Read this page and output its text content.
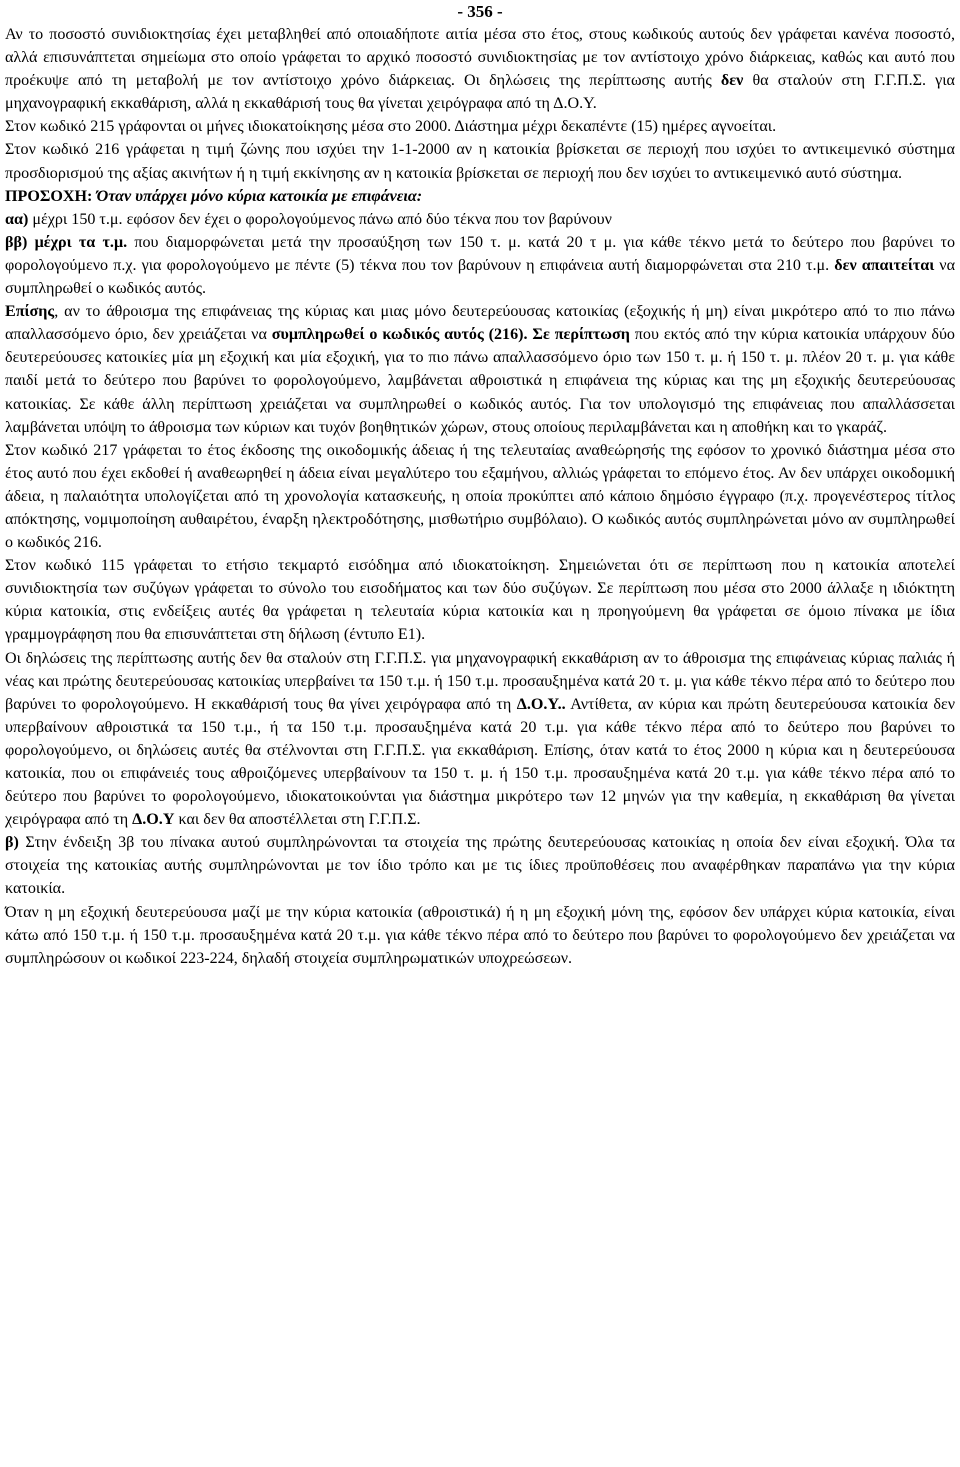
- 356 -

Αν το ποσοστό συνιδιοκτησίας έχει μεταβληθεί από οποιαδήποτε αιτία μέσα στο έτος, στους κωδικούς αυτούς δεν γράφεται κανένα ποσοστό, αλλά επισυνάπτεται σημείωμα στο οποίο γράφεται το αρχικό ποσοστό συνιδιοκτησίας με τον αντίστοιχο χρόνο διάρκειας, καθώς και αυτό που προέκυψε από τη μεταβολή με τον αντίστοιχο χρόνο διάρκειας. Οι δηλώσεις της περίπτωσης αυτής δεν θα σταλούν στη Γ.Γ.Π.Σ. για μηχανογραφική εκκαθάριση, αλλά η εκκαθάρισή τους θα γίνεται χειρόγραφα από τη Δ.Ο.Υ.

Στον κωδικό 215 γράφονται οι μήνες ιδιοκατοίκησης μέσα στο 2000. Διάστημα μέχρι δεκαπέντε (15) ημέρες αγνοείται.

Στον κωδικό 216 γράφεται η τιμή ζώνης που ισχύει την 1-1-2000 αν η κατοικία βρίσκεται σε περιοχή που ισχύει το αντικειμενικό σύστημα προσδιορισμού της αξίας ακινήτων ή η τιμή εκκίνησης αν η κατοικία βρίσκεται σε περιοχή που δεν ισχύει το αντικειμενικό αυτό σύστημα.

ΠΡΟΣΟΧΗ: Όταν υπάρχει μόνο κύρια κατοικία με επιφάνεια:

αα) μέχρι 150 τ.μ. εφόσον δεν έχει ο φορολογούμενος πάνω από δύο τέκνα που τον βαρύνουν

ββ) μέχρι τα τ.μ. που διαμορφώνεται μετά την προσαύξηση των 150 τ. μ. κατά 20 τ μ. για κάθε τέκνο μετά το δεύτερο που βαρύνει το φορολογούμενο π.χ. για φορολογούμενο με πέντε (5) τέκνα που τον βαρύνουν η επιφάνεια αυτή διαμορφώνεται στα 210 τ.μ. δεν απαιτείται να συμπληρωθεί ο κωδικός αυτός.

Επίσης, αν το άθροισμα της επιφάνειας της κύριας και μιας μόνο δευτερεύουσας κατοικίας (εξοχικής ή μη) είναι μικρότερο από το πιο πάνω απαλλασσόμενο όριο, δεν χρειάζεται να συμπληρωθεί ο κωδικός αυτός (216). Σε περίπτωση που εκτός από την κύρια κατοικία υπάρχουν δύο δευτερεύουσες κατοικίες μία μη εξοχική και μία εξοχική, για το πιο πάνω απαλλασσόμενο όριο των 150 τ. μ. ή 150 τ. μ. πλέον 20 τ. μ. για κάθε παιδί μετά το δεύτερο που βαρύνει το φορολογούμενο, λαμβάνεται αθροιστικά η επιφάνεια της κύριας και της μη εξοχικής δευτερεύουσας κατοικίας. Σε κάθε άλλη περίπτωση χρειάζεται να συμπληρωθεί ο κωδικός αυτός. Για τον υπολογισμό της επιφάνειας που απαλλάσσεται λαμβάνεται υπόψη το άθροισμα των κύριων και τυχόν βοηθητικών χώρων, στους οποίους περιλαμβάνεται και η αποθήκη και το γκαράζ.

Στον κωδικό 217 γράφεται το έτος έκδοσης της οικοδομικής άδειας ή της τελευταίας αναθεώρησής της εφόσον το χρονικό διάστημα μέσα στο έτος αυτό που έχει εκδοθεί ή αναθεωρηθεί η άδεια είναι μεγαλύτερο του εξαμήνου, αλλιώς γράφεται το επόμενο έτος. Αν δεν υπάρχει οικοδομική άδεια, η παλαιότητα υπολογίζεται από τη χρονολογία κατασκευής, η οποία προκύπτει από κάποιο δημόσιο έγγραφο (π.χ. προγενέστερος τίτλος απόκτησης, νομιμοποίηση αυθαιρέτου, έναρξη ηλεκτροδότησης, μισθωτήριο συμβόλαιο). Ο κωδικός αυτός συμπληρώνεται μόνο αν συμπληρωθεί ο κωδικός 216.

Στον κωδικό 115 γράφεται το ετήσιο τεκμαρτό εισόδημα από ιδιοκατοίκηση. Σημειώνεται ότι σε περίπτωση που η κατοικία αποτελεί συνιδιοκτησία των συζύγων γράφεται το σύνολο του εισοδήματος και των δύο συζύγων. Σε περίπτωση που μέσα στο 2000 άλλαξε η ιδιόκτητη κύρια κατοικία, στις ενδείξεις αυτές θα γράφεται η τελευταία κύρια κατοικία και η προηγούμενη θα γράφεται σε όμοιο πίνακα με ίδια γραμμογράφηση που θα επισυνάπτεται στη δήλωση (έντυπο Ε1).

Οι δηλώσεις της περίπτωσης αυτής δεν θα σταλούν στη Γ.Γ.Π.Σ. για μηχανογραφική εκκαθάριση αν το άθροισμα της επιφάνειας κύριας παλιάς ή νέας και πρώτης δευτερεύουσας κατοικίας υπερβαίνει τα 150 τ.μ. ή 150 τ.μ. προσαυξημένα κατά 20 τ. μ. για κάθε τέκνο πέρα από το δεύτερο που βαρύνει το φορολογούμενο. Η εκκαθάρισή τους θα γίνει χειρόγραφα από τη Δ.Ο.Υ.. Αντίθετα, αν κύρια και πρώτη δευτερεύουσα κατοικία δεν υπερβαίνουν αθροιστικά τα 150 τ.μ., ή τα 150 τ.μ. προσαυξημένα κατά 20 τ.μ. για κάθε τέκνο πέρα από το δεύτερο που βαρύνει το φορολογούμενο, οι δηλώσεις αυτές θα στέλνονται στη Γ.Γ.Π.Σ. για εκκαθάριση. Επίσης, όταν κατά το έτος 2000 η κύρια και η δευτερεύουσα κατοικία, που οι επιφάνειές τους αθροιζόμενες υπερβαίνουν τα 150 τ. μ. ή 150 τ.μ. προσαυξημένα κατά 20 τ.μ. για κάθε τέκνο πέρα από το δεύτερο που βαρύνει το φορολογούμενο, ιδιοκατοικούνται για διάστημα μικρότερο των 12 μηνών για την καθεμία, η εκκαθάριση θα γίνεται χειρόγραφα από τη Δ.Ο.Υ και δεν θα αποστέλλεται στη Γ.Γ.Π.Σ.

β) Στην ένδειξη 3β του πίνακα αυτού συμπληρώνονται τα στοιχεία της πρώτης δευτερεύουσας κατοικίας η οποία δεν είναι εξοχική. Όλα τα στοιχεία της κατοικίας αυτής συμπληρώνονται με τον ίδιο τρόπο και με τις ίδιες προϋποθέσεις που αναφέρθηκαν παραπάνω για την κύρια κατοικία.

Όταν η μη εξοχική δευτερεύουσα μαζί με την κύρια κατοικία (αθροιστικά) ή η μη εξοχική μόνη της, εφόσον δεν υπάρχει κύρια κατοικία, είναι κάτω από 150 τ.μ. ή 150 τ.μ. προσαυξημένα κατά 20 τ.μ. για κάθε τέκνο πέρα από το δεύτερο που βαρύνει το φορολογούμενο δεν χρειάζεται να συμπληρώσουν οι κωδικοί 223-224, δηλαδή στοιχεία συμπληρωματικών υποχρεώσεων.
